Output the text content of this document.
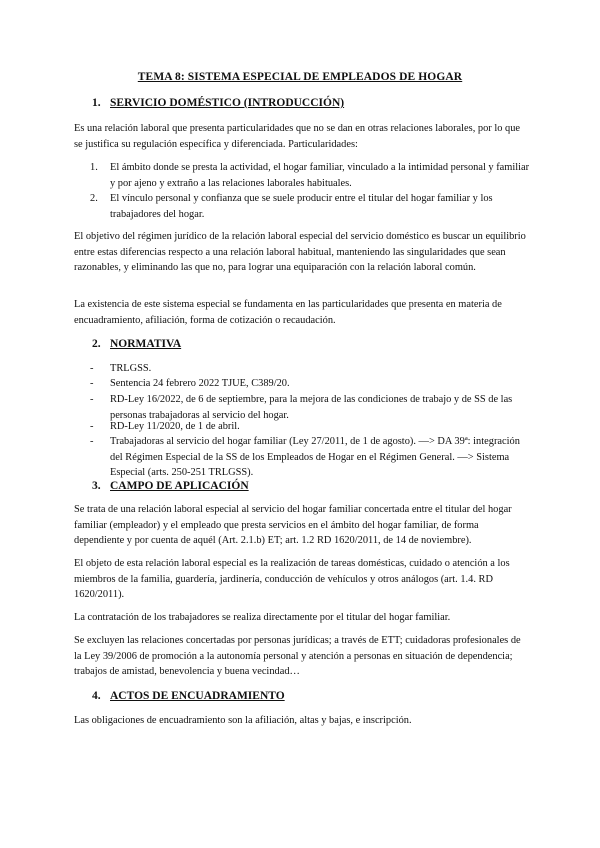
TEMA 8: SISTEMA ESPECIAL DE EMPLEADOS DE HOGAR
1. SERVICIO DOMÉSTICO (INTRODUCCIÓN)
Es una relación laboral que presenta particularidades que no se dan en otras relaciones laborales, por lo que se justifica su regulación específica y diferenciada. Particularidades:
1. El ámbito donde se presta la actividad, el hogar familiar, vinculado a la intimidad personal y familiar y por ajeno y extraño a las relaciones laborales habituales.
2. El vínculo personal y confianza que se suele producir entre el titular del hogar familiar y los trabajadores del hogar.
El objetivo del régimen jurídico de la relación laboral especial del servicio doméstico es buscar un equilibrio entre estas diferencias respecto a una relación laboral habitual, manteniendo las singularidades que sean razonables, y eliminando las que no, para lograr una equiparación con la relación laboral común.
La existencia de este sistema especial se fundamenta en las particularidades que presenta en materia de encuadramiento, afiliación, forma de cotización o recaudación.
2. NORMATIVA
- TRLGSS.
- Sentencia 24 febrero 2022 TJUE, C389/20.
- RD-Ley 16/2022, de 6 de septiembre, para la mejora de las condiciones de trabajo y de SS de las personas trabajadoras al servicio del hogar.
- RD-Ley 11/2020, de 1 de abril.
- Trabajadoras al servicio del hogar familiar (Ley 27/2011, de 1 de agosto). —> DA 39ª: integración del Régimen Especial de la SS de los Empleados de Hogar en el Régimen General. —> Sistema Especial (arts. 250-251 TRLGSS).
3. CAMPO DE APLICACIÓN
Se trata de una relación laboral especial al servicio del hogar familiar concertada entre el titular del hogar familiar (empleador) y el empleado que presta servicios en el ámbito del hogar familiar, de forma dependiente y por cuenta de aquél (Art. 2.1.b) ET; art. 1.2 RD 1620/2011, de 14 de noviembre).
El objeto de esta relación laboral especial es la realización de tareas domésticas, cuidado o atención a los miembros de la familia, guardería, jardinería, conducción de vehículos y otros análogos (art. 1.4. RD 1620/2011).
La contratación de los trabajadores se realiza directamente por el titular del hogar familiar.
Se excluyen las relaciones concertadas por personas jurídicas; a través de ETT; cuidadoras profesionales de la Ley 39/2006 de promoción a la autonomía personal y atención a personas en situación de dependencia; trabajos de amistad, benevolencia y buena vecindad…
4. ACTOS DE ENCUADRAMIENTO
Las obligaciones de encuadramiento son la afiliación, altas y bajas, e inscripción.
